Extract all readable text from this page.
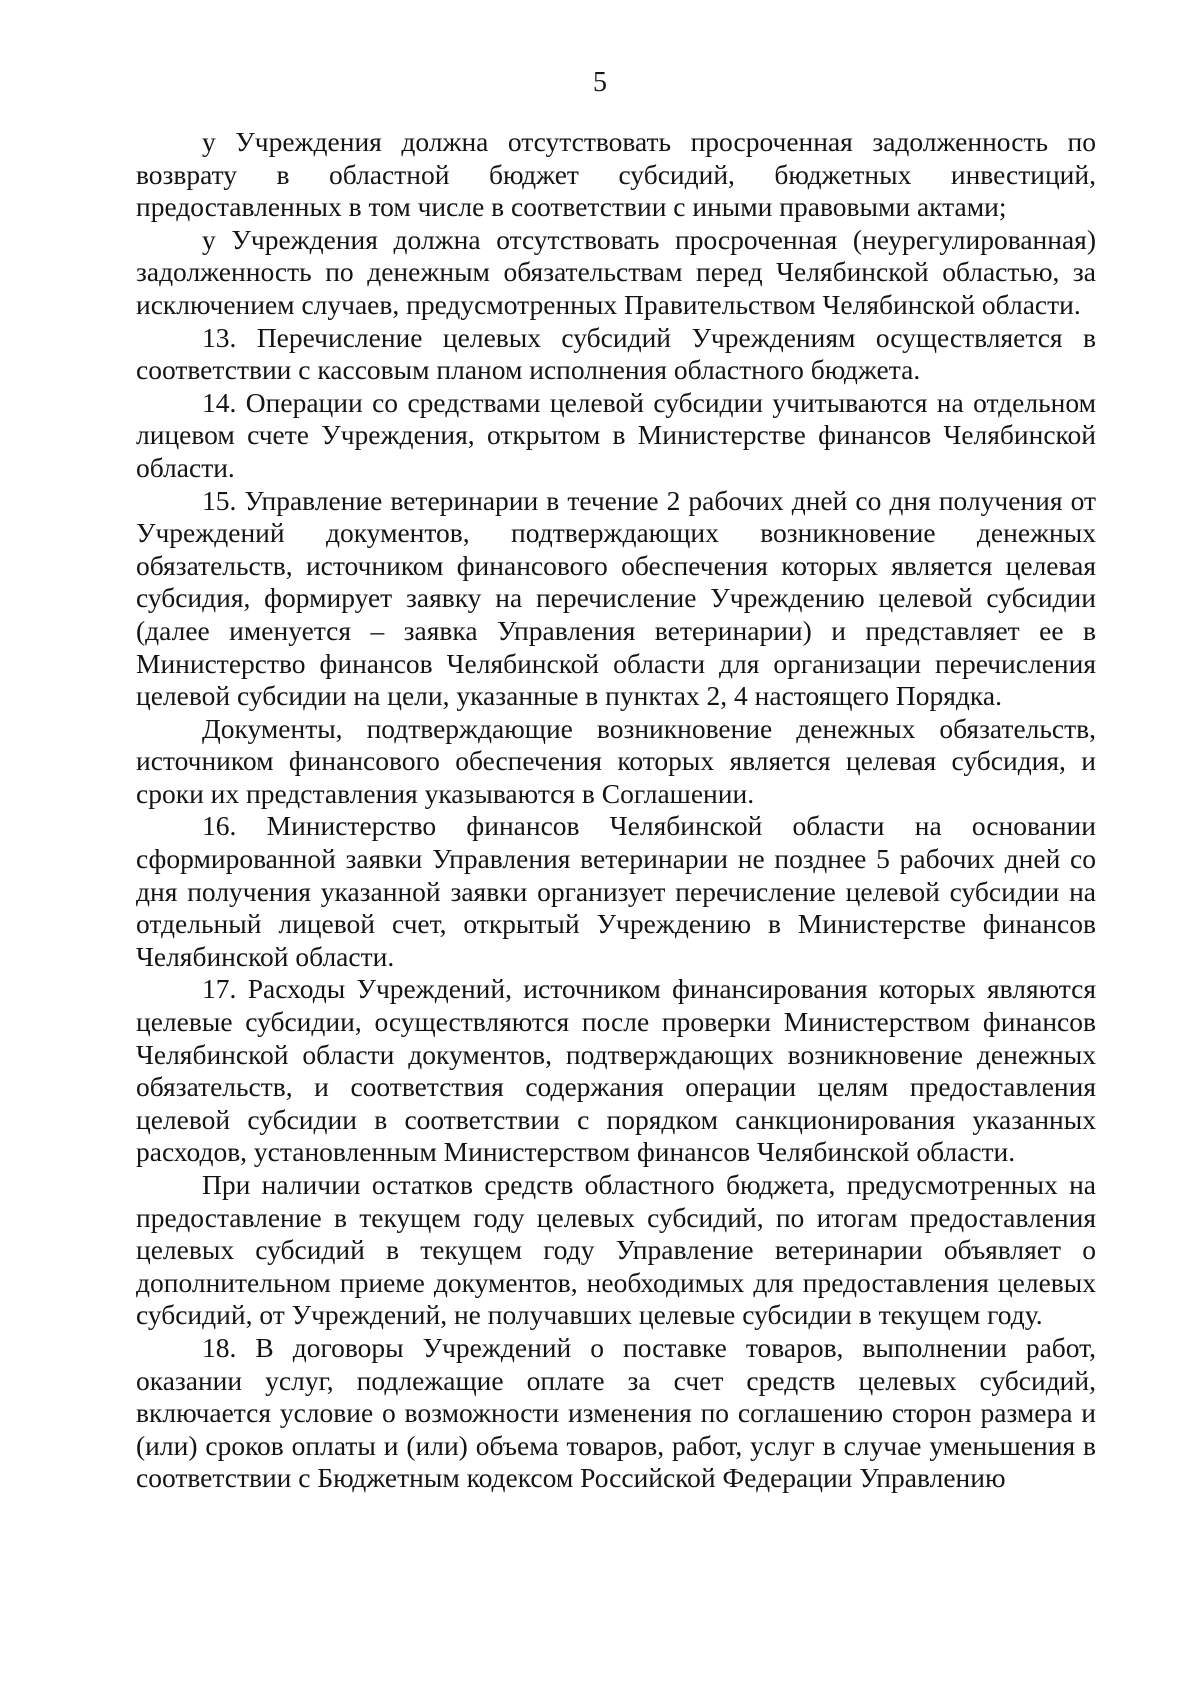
5

у Учреждения должна отсутствовать просроченная задолженность по возврату в областной бюджет субсидий, бюджетных инвестиций, предоставленных в том числе в соответствии с иными правовыми актами;

у Учреждения должна отсутствовать просроченная (неурегулированная) задолженность по денежным обязательствам перед Челябинской областью, за исключением случаев, предусмотренных Правительством Челябинской области.

13. Перечисление целевых субсидий Учреждениям осуществляется в соответствии с кассовым планом исполнения областного бюджета.

14. Операции со средствами целевой субсидии учитываются на отдельном лицевом счете Учреждения, открытом в Министерстве финансов Челябинской области.

15. Управление ветеринарии в течение 2 рабочих дней со дня получения от Учреждений документов, подтверждающих возникновение денежных обязательств, источником финансового обеспечения которых является целевая субсидия, формирует заявку на перечисление Учреждению целевой субсидии (далее именуется – заявка Управления ветеринарии) и представляет ее в Министерство финансов Челябинской области для организации перечисления целевой субсидии на цели, указанные в пунктах 2, 4 настоящего Порядка.

Документы, подтверждающие возникновение денежных обязательств, источником финансового обеспечения которых является целевая субсидия, и сроки их представления указываются в Соглашении.

16. Министерство финансов Челябинской области на основании сформированной заявки Управления ветеринарии не позднее 5 рабочих дней со дня получения указанной заявки организует перечисление целевой субсидии на отдельный лицевой счет, открытый Учреждению в Министерстве финансов Челябинской области.

17. Расходы Учреждений, источником финансирования которых являются целевые субсидии, осуществляются после проверки Министерством финансов Челябинской области документов, подтверждающих возникновение денежных обязательств, и соответствия содержания операции целям предоставления целевой субсидии в соответствии с порядком санкционирования указанных расходов, установленным Министерством финансов Челябинской области.

При наличии остатков средств областного бюджета, предусмотренных на предоставление в текущем году целевых субсидий, по итогам предоставления целевых субсидий в текущем году Управление ветеринарии объявляет о дополнительном приеме документов, необходимых для предоставления целевых субсидий, от Учреждений, не получавших целевые субсидии в текущем году.

18. В договоры Учреждений о поставке товаров, выполнении работ, оказании услуг, подлежащие оплате за счет средств целевых субсидий, включается условие о возможности изменения по соглашению сторон размера и (или) сроков оплаты и (или) объема товаров, работ, услуг в случае уменьшения в соответствии с Бюджетным кодексом Российской Федерации Управлению
